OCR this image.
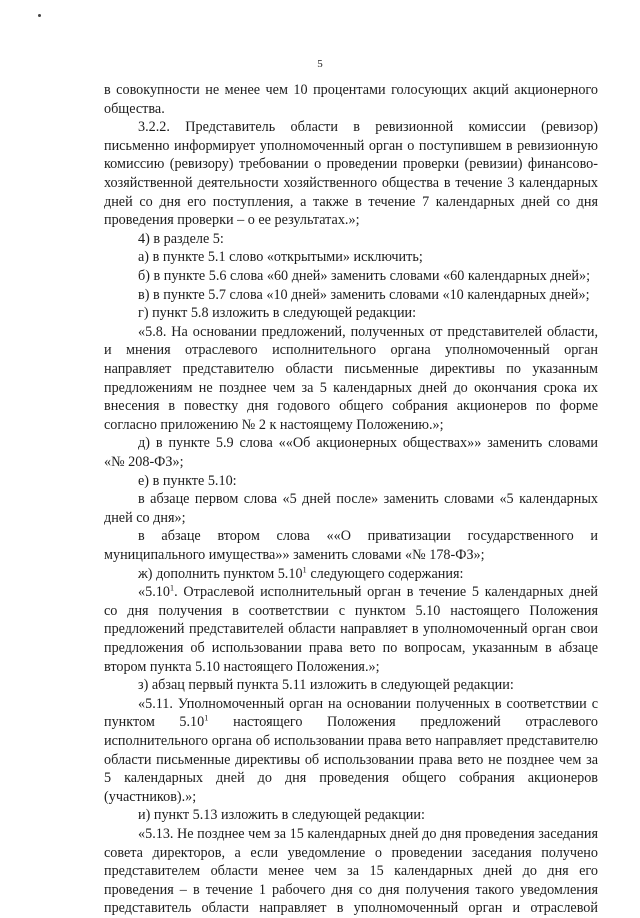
5
в совокупности не менее чем 10 процентами голосующих акций акционерного
общества.
3.2.2. Представитель области в ревизионной комиссии (ревизор)
письменно информирует уполномоченный орган о поступившем в ревизионную
комиссию (ревизору) требовании о проведении проверки (ревизии) финансово-
хозяйственной деятельности хозяйственного общества в течение 3 календарных
дней со дня его поступления, а также в течение 7 календарных дней со дня
проведения проверки – о ее результатах.»;
4) в разделе 5:
а) в пункте 5.1 слово «открытыми» исключить;
б) в пункте 5.6 слова «60 дней» заменить словами «60 календарных дней»;
в) в пункте 5.7 слова «10 дней» заменить словами «10 календарных дней»;
г) пункт 5.8 изложить в следующей редакции:
«5.8. На основании предложений, полученных от представителей области,
и мнения отраслевого исполнительного органа уполномоченный орган
направляет представителю области письменные директивы по указанным
предложениям не позднее чем за 5 календарных дней до окончания срока их
внесения в повестку дня годового общего собрания акционеров по форме
согласно приложению № 2 к настоящему Положению.»;
д) в пункте 5.9 слова ««Об акционерных обществах»» заменить словами
«№ 208-ФЗ»;
е) в пункте 5.10:
в абзаце первом слова «5 дней после» заменить словами «5 календарных
дней со дня»;
в абзаце втором слова ««О приватизации государственного и
муниципального имущества»» заменить словами «№ 178-ФЗ»;
ж) дополнить пунктом 5.10$^1$ следующего содержания:
«5.10$^1$. Отраслевой исполнительный орган в течение 5 календарных дней
со дня получения в соответствии с пунктом 5.10 настоящего Положения
предложений представителей области направляет в уполномоченный орган свои
предложения об использовании права вето по вопросам, указанным в абзаце
втором пункта 5.10 настоящего Положения.»;
з) абзац первый пункта 5.11 изложить в следующей редакции:
«5.11. Уполномоченный орган на основании полученных в соответствии с
пунктом 5.10$^1$ настоящего Положения предложений отраслевого
исполнительного органа об использовании права вето направляет представителю
области письменные директивы об использовании права вето не позднее чем за
5 календарных дней до дня проведения общего собрания акционеров
(участников).»;
и) пункт 5.13 изложить в следующей редакции:
«5.13. Не позднее чем за 15 календарных дней до дня проведения заседания
совета директоров, а если уведомление о проведении заседания получено
представителем области менее чем за 15 календарных дней до дня его
проведения – в течение 1 рабочего дня со дня получения такого уведомления
представитель области направляет в уполномоченный орган и отраслевой
